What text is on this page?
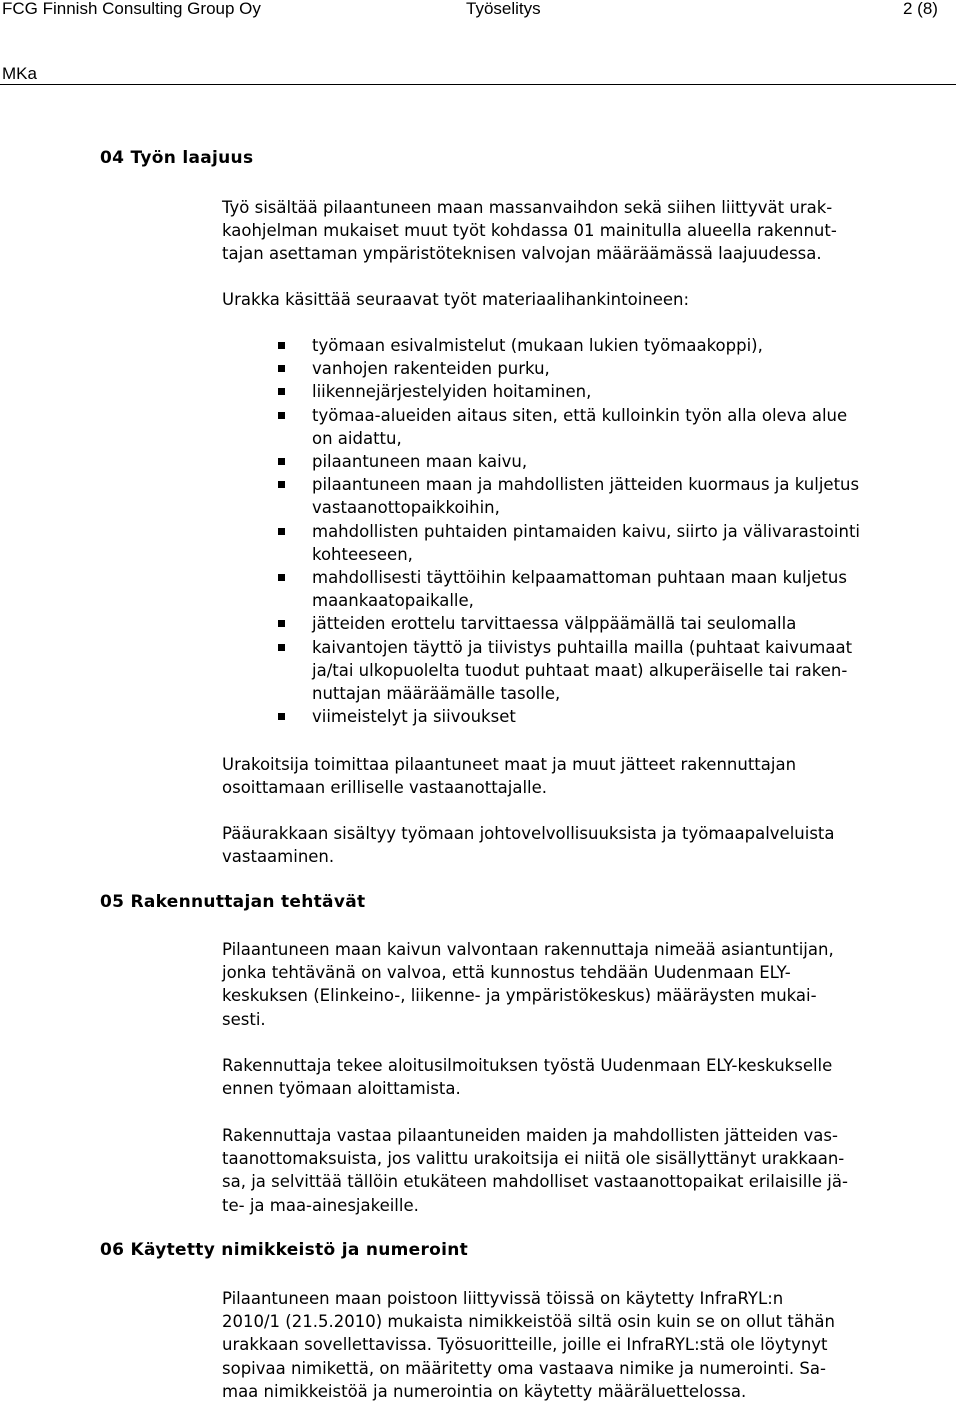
FCG Finnish Consulting Group Oy	Työselitys	2 (8)
MKa
04 Työn laajuus
Työ sisältää pilaantuneen maan massanvaihdon sekä siihen liittyvät urak-
kaohjelman mukaiset muut työt kohdassa 01 mainitulla alueella rakennut-
tajan asettaman ympäristöteknisen valvojan määräämässä laajuudessa.
Urakka käsittää seuraavat työt materiaalihankintoineen:
työmaan esivalmistelut (mukaan lukien työmaakoppi),
vanhojen rakenteiden purku,
liikennejärjestelyiden hoitaminen,
työmaa-alueiden aitaus siten, että kulloinkin työn alla oleva alue
on aidattu,
pilaantuneen maan kaivu,
pilaantuneen maan ja mahdollisten jätteiden kuormaus ja kuljetus
vastaanottopaikkoihin,
mahdollisten puhtaiden pintamaiden kaivu, siirto ja välivarastointi
kohteeseen,
mahdollisesti täyttöihin kelpaamattoman puhtaan maan kuljetus
maankaatopaikalle,
jätteiden erottelu tarvittaessa välppäämällä tai seulomalla
kaivantojen täyttö ja tiivistys puhtailla mailla (puhtaat kaivumaat
ja/tai ulkopuolelta tuodut puhtaat maat) alkuperäiselle tai raken-
nuttajan määräämälle tasolle,
viimeistelyt ja siivoukset
Urakoitsija toimittaa pilaantuneet maat ja muut jätteet rakennuttajan
osoittamaan erilliselle vastaanottajalle.
Pääurakkaan sisältyy työmaan johtovelvollisuuksista ja työmaapalveluista
vastaaminen.
05 Rakennuttajan tehtävät
Pilaantuneen maan kaivun valvontaan rakennuttaja nimeää asiantuntijan,
jonka tehtävänä on valvoa, että kunnostus tehdään Uudenmaan ELY-
keskuksen (Elinkeino-, liikenne- ja ympäristökeskus) määräysten mukai-
sesti.
Rakennuttaja tekee aloitusilmoituksen työstä Uudenmaan ELY-keskukselle
ennen työmaan aloittamista.
Rakennuttaja vastaa pilaantuneiden maiden ja mahdollisten jätteiden vas-
taanottomaksuista, jos valittu urakoitsija ei niitä ole sisällyttänyt urakkaan-
sa, ja selvittää tällöin etukäteen mahdolliset vastaanottopaikat erilaisille jä-
te- ja maa-ainesjakeille.
06 Käytetty nimikkeistö ja numeroint
Pilaantuneen maan poistoon liittyvissä töissä on käytetty InfraRYL:n
2010/1 (21.5.2010) mukaista nimikkeistöä siltä osin kuin se on ollut tähän
urakkaan sovellettavissa. Työsuoritteille, joille ei InfraRYL:stä ole löytynyt
sopivaa nimikettä, on määritetty oma vastaava nimike ja numerointi. Sa-
maa nimikkeistöä ja numerointia on käytetty määräluettelossa.
